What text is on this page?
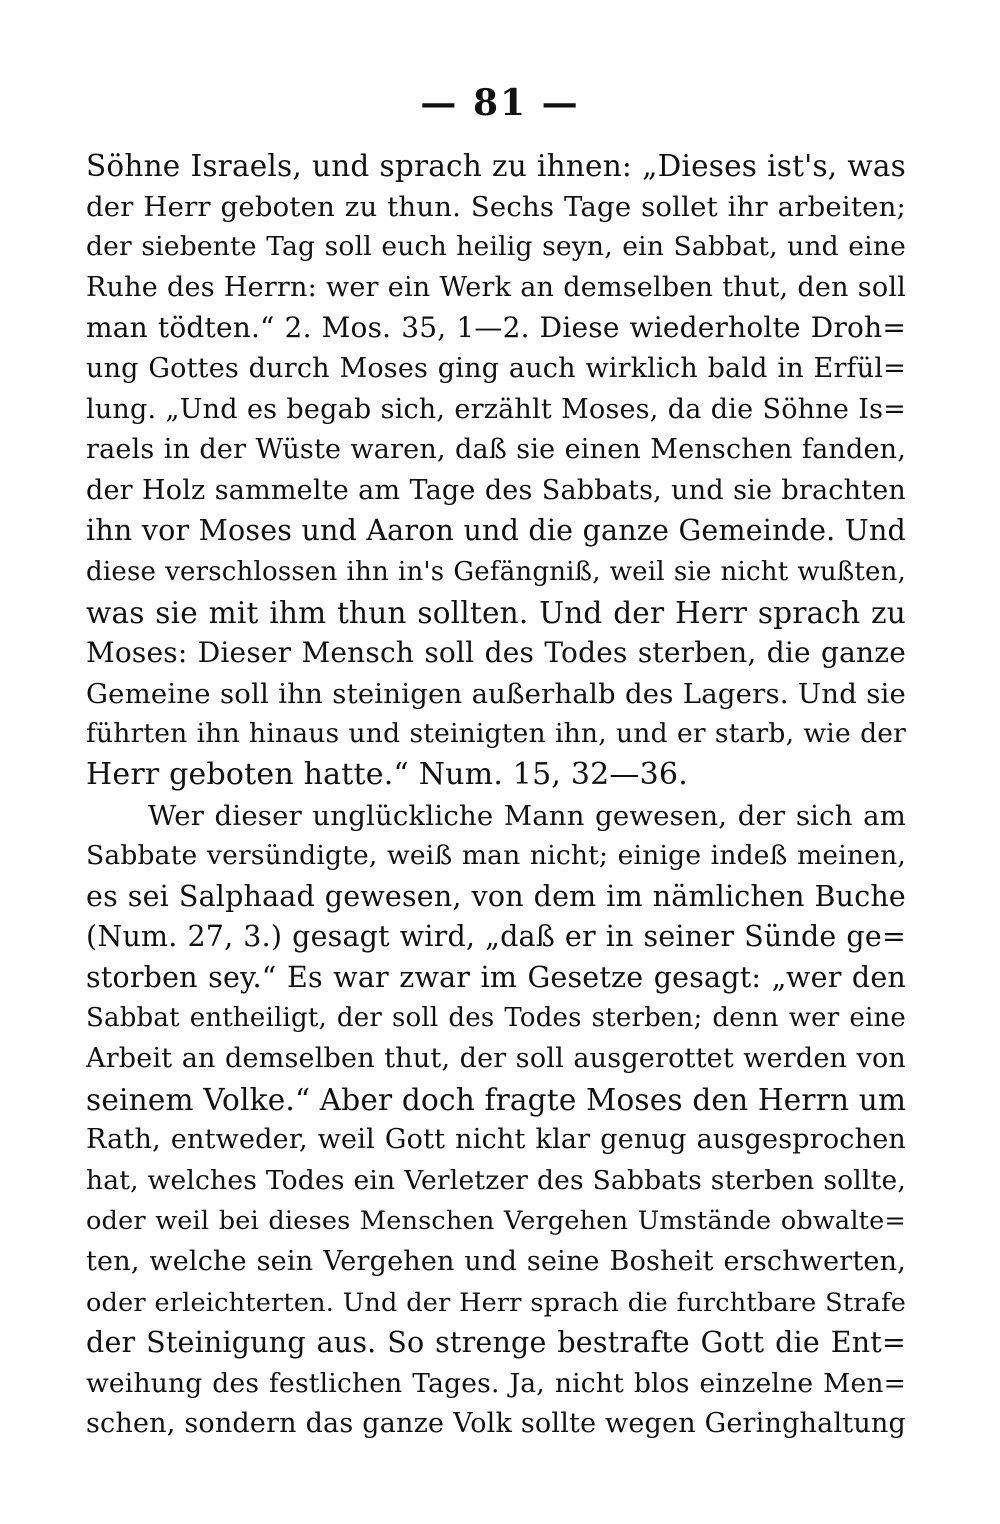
— 81 —
Söhne Israels, und sprach zu ihnen: „Dieses ist's, was
der Herr geboten zu thun. Sechs Tage sollet ihr arbeiten;
der siebente Tag soll euch heilig seyn, ein Sabbat, und eine
Ruhe des Herrn: wer ein Werk an demselben thut, den soll
man tödten.“ 2. Mos. 35, 1—2. Diese wiederholte Droh=
ung Gottes durch Moses ging auch wirklich bald in Erfül=
lung. „Und es begab sich, erzählt Moses, da die Söhne Is=
raels in der Wüste waren, daß sie einen Menschen fanden,
der Holz sammelte am Tage des Sabbats, und sie brachten
ihn vor Moses und Aaron und die ganze Gemeinde. Und
diese verschlossen ihn in's Gefängniß, weil sie nicht wußten,
was sie mit ihm thun sollten. Und der Herr sprach zu
Moses: Dieser Mensch soll des Todes sterben, die ganze
Gemeine soll ihn steinigen außerhalb des Lagers. Und sie
führten ihn hinaus und steinigten ihn, und er starb, wie der
Herr geboten hatte.“ Num. 15, 32—36.
Wer dieser unglückliche Mann gewesen, der sich am
Sabbate versündigte, weiß man nicht; einige indeß meinen,
es sei Salphaad gewesen, von dem im nämlichen Buche
(Num. 27, 3.) gesagt wird, „daß er in seiner Sünde ge=
storben sey.“ Es war zwar im Gesetze gesagt: „wer den
Sabbat entheiligt, der soll des Todes sterben; denn wer eine
Arbeit an demselben thut, der soll ausgerottet werden von
seinem Volke.“ Aber doch fragte Moses den Herrn um
Rath, entweder, weil Gott nicht klar genug ausgesprochen
hat, welches Todes ein Verletzer des Sabbats sterben sollte,
oder weil bei dieses Menschen Vergehen Umstände obwalte=
ten, welche sein Vergehen und seine Bosheit erschwerten,
oder erleichterten. Und der Herr sprach die furchtbare Strafe
der Steinigung aus. So strenge bestrafte Gott die Ent=
weihung des festlichen Tages. Ja, nicht blos einzelne Men=
schen, sondern das ganze Volk sollte wegen Geringhaltung
